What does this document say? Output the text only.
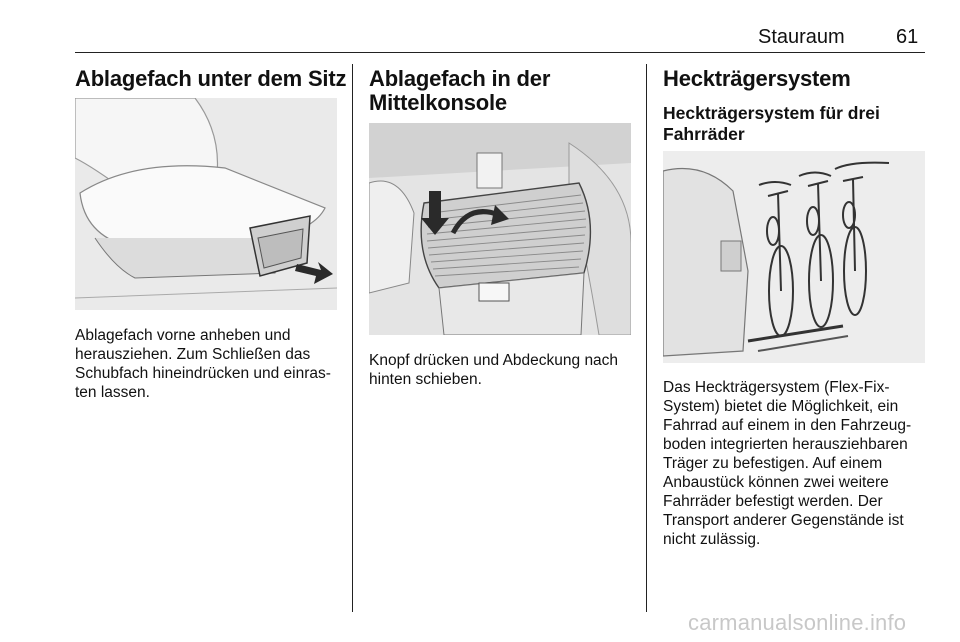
Stauraum	61
Ablagefach unter dem Sitz

Ablagefach vorne anheben und

herausziehen. Zum Schließen das

Schubfach hineindrücken und einras-

ten lassen.

Ablagefach in der
Mittelkonsole

Knopf drücken und Abdeckung nach

hinten schieben.

Heckträgersystem
Heckträgersystem für drei
Fahrräder

Das Heckträgersystem (Flex-Fix-

System) bietet die Möglichkeit, ein

Fahrrad auf einem in den Fahrzeug-

boden integrierten herausziehbaren

Träger zu befestigen. Auf einem

Anbaustück können zwei weitere

Fahrräder befestigt werden. Der

Transport anderer Gegenstände ist

nicht zulässig.

carmanualsonline.info
